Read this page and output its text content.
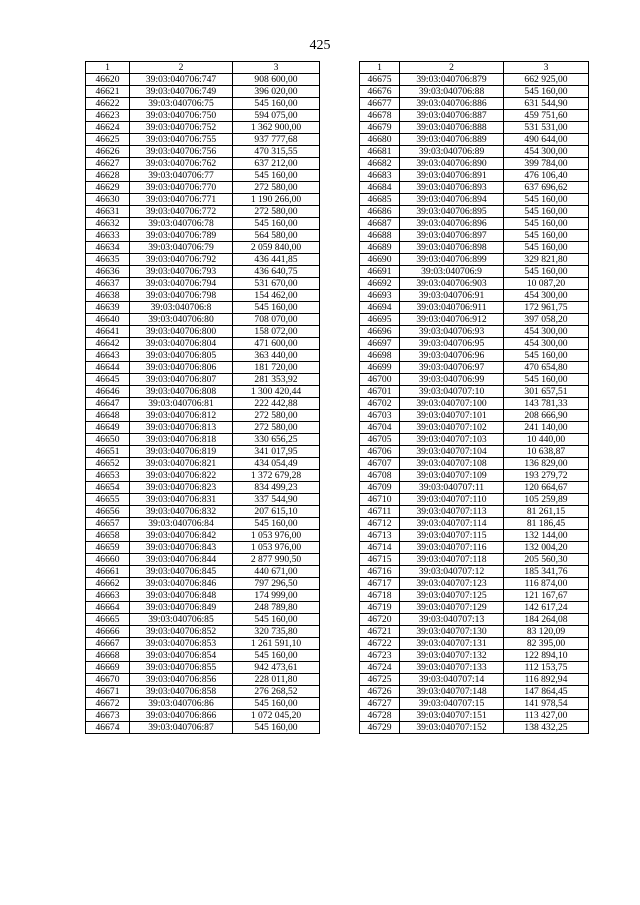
425
1	2	3
46620	39:03:040706:747	908 600,00
46621	39:03:040706:749	396 020,00
46622	39:03:040706:75	545 160,00
46623	39:03:040706:750	594 075,00
46624	39:03:040706:752	1 362 900,00
46625	39:03:040706:755	937 777,68
46626	39:03:040706:756	470 315,55
46627	39:03:040706:762	637 212,00
46628	39:03:040706:77	545 160,00
46629	39:03:040706:770	272 580,00
46630	39:03:040706:771	1 190 266,00
46631	39:03:040706:772	272 580,00
46632	39:03:040706:78	545 160,00
46633	39:03:040706:789	564 580,00
46634	39:03:040706:79	2 059 840,00
46635	39:03:040706:792	436 441,85
46636	39:03:040706:793	436 640,75
46637	39:03:040706:794	531 670,00
46638	39:03:040706:798	154 462,00
46639	39:03:040706:8	545 160,00
46640	39:03:040706:80	708 070,00
46641	39:03:040706:800	158 072,00
46642	39:03:040706:804	471 600,00
46643	39:03:040706:805	363 440,00
46644	39:03:040706:806	181 720,00
46645	39:03:040706:807	281 353,92
46646	39:03:040706:808	1 300 420,44
46647	39:03:040706:81	222 442,88
46648	39:03:040706:812	272 580,00
46649	39:03:040706:813	272 580,00
46650	39:03:040706:818	330 656,25
46651	39:03:040706:819	341 017,95
46652	39:03:040706:821	434 054,49
46653	39:03:040706:822	1 372 679,28
46654	39:03:040706:823	834 499,23
46655	39:03:040706:831	337 544,90
46656	39:03:040706:832	207 615,10
46657	39:03:040706:84	545 160,00
46658	39:03:040706:842	1 053 976,00
46659	39:03:040706:843	1 053 976,00
46660	39:03:040706:844	2 877 990,50
46661	39:03:040706:845	440 671,00
46662	39:03:040706:846	797 296,50
46663	39:03:040706:848	174 999,00
46664	39:03:040706:849	248 789,80
46665	39:03:040706:85	545 160,00
46666	39:03:040706:852	320 735,80
46667	39:03:040706:853	1 261 591,10
46668	39:03:040706:854	545 160,00
46669	39:03:040706:855	942 473,61
46670	39:03:040706:856	228 011,80
46671	39:03:040706:858	276 268,52
46672	39:03:040706:86	545 160,00
46673	39:03:040706:866	1 072 045,20
46674	39:03:040706:87	545 160,00
1	2	3
46675	39:03:040706:879	662 925,00
46676	39:03:040706:88	545 160,00
46677	39:03:040706:886	631 544,90
46678	39:03:040706:887	459 751,60
46679	39:03:040706:888	531 531,00
46680	39:03:040706:889	490 644,00
46681	39:03:040706:89	454 300,00
46682	39:03:040706:890	399 784,00
46683	39:03:040706:891	476 106,40
46684	39:03:040706:893	637 696,62
46685	39:03:040706:894	545 160,00
46686	39:03:040706:895	545 160,00
46687	39:03:040706:896	545 160,00
46688	39:03:040706:897	545 160,00
46689	39:03:040706:898	545 160,00
46690	39:03:040706:899	329 821,80
46691	39:03:040706:9	545 160,00
46692	39:03:040706:903	10 087,20
46693	39:03:040706:91	454 300,00
46694	39:03:040706:911	172 961,75
46695	39:03:040706:912	397 058,20
46696	39:03:040706:93	454 300,00
46697	39:03:040706:95	454 300,00
46698	39:03:040706:96	545 160,00
46699	39:03:040706:97	470 654,80
46700	39:03:040706:99	545 160,00
46701	39:03:040707:10	301 657,51
46702	39:03:040707:100	143 781,33
46703	39:03:040707:101	208 666,90
46704	39:03:040707:102	241 140,00
46705	39:03:040707:103	10 440,00
46706	39:03:040707:104	10 638,87
46707	39:03:040707:108	136 829,00
46708	39:03:040707:109	193 279,72
46709	39:03:040707:11	120 664,67
46710	39:03:040707:110	105 259,89
46711	39:03:040707:113	81 261,15
46712	39:03:040707:114	81 186,45
46713	39:03:040707:115	132 144,00
46714	39:03:040707:116	132 004,20
46715	39:03:040707:118	205 560,30
46716	39:03:040707:12	185 341,76
46717	39:03:040707:123	116 874,00
46718	39:03:040707:125	121 167,67
46719	39:03:040707:129	142 617,24
46720	39:03:040707:13	184 264,08
46721	39:03:040707:130	83 120,09
46722	39:03:040707:131	82 395,00
46723	39:03:040707:132	122 894,10
46724	39:03:040707:133	112 153,75
46725	39:03:040707:14	116 892,94
46726	39:03:040707:148	147 864,45
46727	39:03:040707:15	141 978,54
46728	39:03:040707:151	113 427,00
46729	39:03:040707:152	138 432,25
